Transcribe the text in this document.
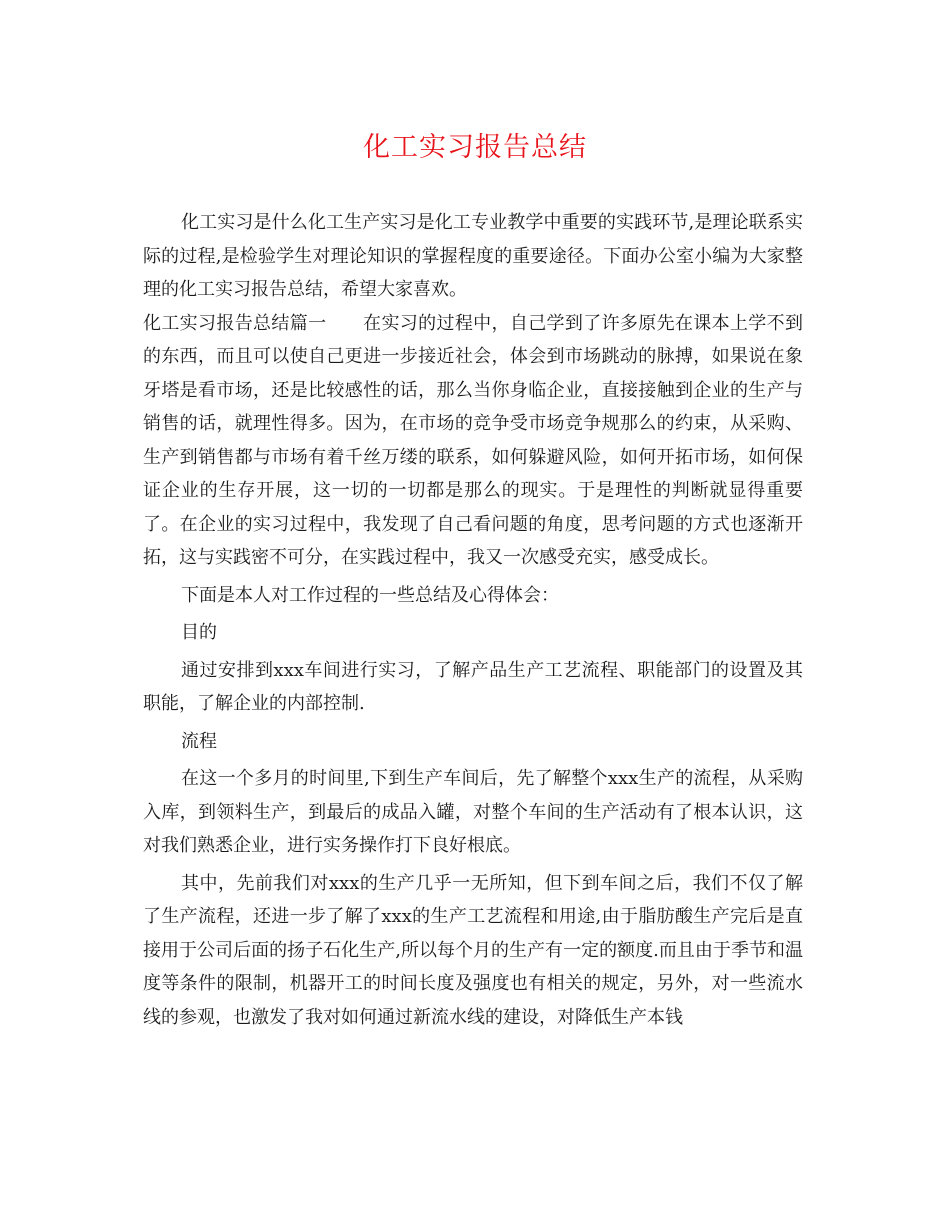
化工实习报告总结

化工实习是什么化工生产实习是化工专业教学中重要的实践环节,是理论联系实际的过程,是检验学生对理论知识的掌握程度的重要途径。下面办公室小编为大家整理的化工实习报告总结，希望大家喜欢。

化工实习报告总结篇一　　在实习的过程中，自己学到了许多原先在课本上学不到的东西，而且可以使自己更进一步接近社会，体会到市场跳动的脉搏，如果说在象牙塔是看市场，还是比较感性的话，那么当你身临企业，直接接触到企业的生产与销售的话，就理性得多。因为，在市场的竞争受市场竞争规那么的约束，从采购、生产到销售都与市场有着千丝万缕的联系，如何躲避风险，如何开拓市场，如何保证企业的生存开展，这一切的一切都是那么的现实。于是理性的判断就显得重要了。在企业的实习过程中，我发现了自己看问题的角度，思考问题的方式也逐渐开拓，这与实践密不可分，在实践过程中，我又一次感受充实，感受成长。

下面是本人对工作过程的一些总结及心得体会：

目的

通过安排到xxx车间进行实习，了解产品生产工艺流程、职能部门的设置及其职能，了解企业的内部控制.

流程

在这一个多月的时间里,下到生产车间后，先了解整个xxx生产的流程，从采购入库，到领料生产，到最后的成品入罐，对整个车间的生产活动有了根本认识，这对我们熟悉企业，进行实务操作打下良好根底。

其中，先前我们对xxx的生产几乎一无所知，但下到车间之后，我们不仅了解了生产流程，还进一步了解了xxx的生产工艺流程和用途,由于脂肪酸生产完后是直接用于公司后面的扬子石化生产,所以每个月的生产有一定的额度.而且由于季节和温度等条件的限制，机器开工的时间长度及强度也有相关的规定，另外，对一些流水线的参观，也激发了我对如何通过新流水线的建设，对降低生产本钱
